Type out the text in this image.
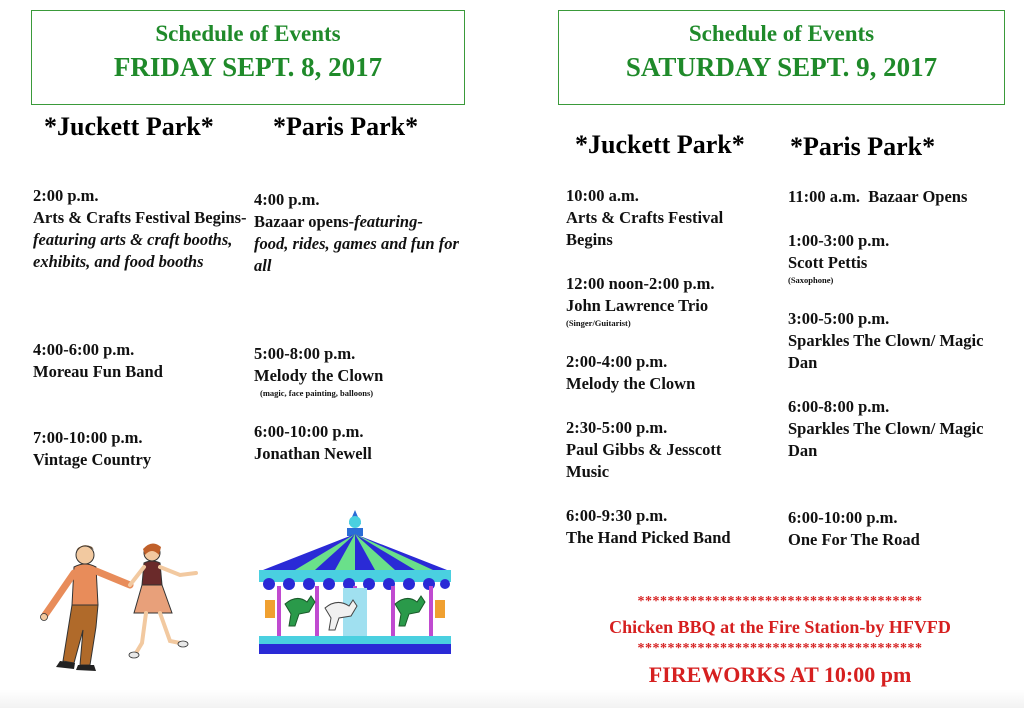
Schedule of Events
FRIDAY SEPT. 8, 2017
Schedule of Events
SATURDAY SEPT. 9, 2017
*Juckett Park* *Paris Park*
*Juckett Park* *Paris Park*
2:00 p.m.
Arts & Crafts Festival Begins-featuring arts & craft booths, exhibits, and food booths
4:00-6:00 p.m.
Moreau Fun Band
7:00-10:00 p.m.
Vintage Country
4:00 p.m.
Bazaar opens-featuring- food, rides, games and fun for all
5:00-8:00 p.m.
Melody the Clown
(magic, face painting, balloons)
6:00-10:00 p.m.
Jonathan Newell
10:00 a.m.
Arts & Crafts Festival Begins
12:00 noon-2:00 p.m.
John Lawrence Trio
(Singer/Guitarist)
2:00-4:00 p.m.
Melody the Clown
2:30-5:00 p.m.
Paul Gibbs & Jesscott Music
6:00-9:30 p.m.
The Hand Picked Band
11:00 a.m. Bazaar Opens
1:00-3:00 p.m.
Scott Pettis
(Saxophone)
3:00-5:00 p.m.
Sparkles The Clown/ Magic Dan
6:00-8:00 p.m.
Sparkles The Clown/ Magic Dan
6:00-10:00 p.m.
One For The Road
**************************************
Chicken BBQ at the Fire Station-by HFVFD
**************************************
FIREWORKS AT 10:00 pm
